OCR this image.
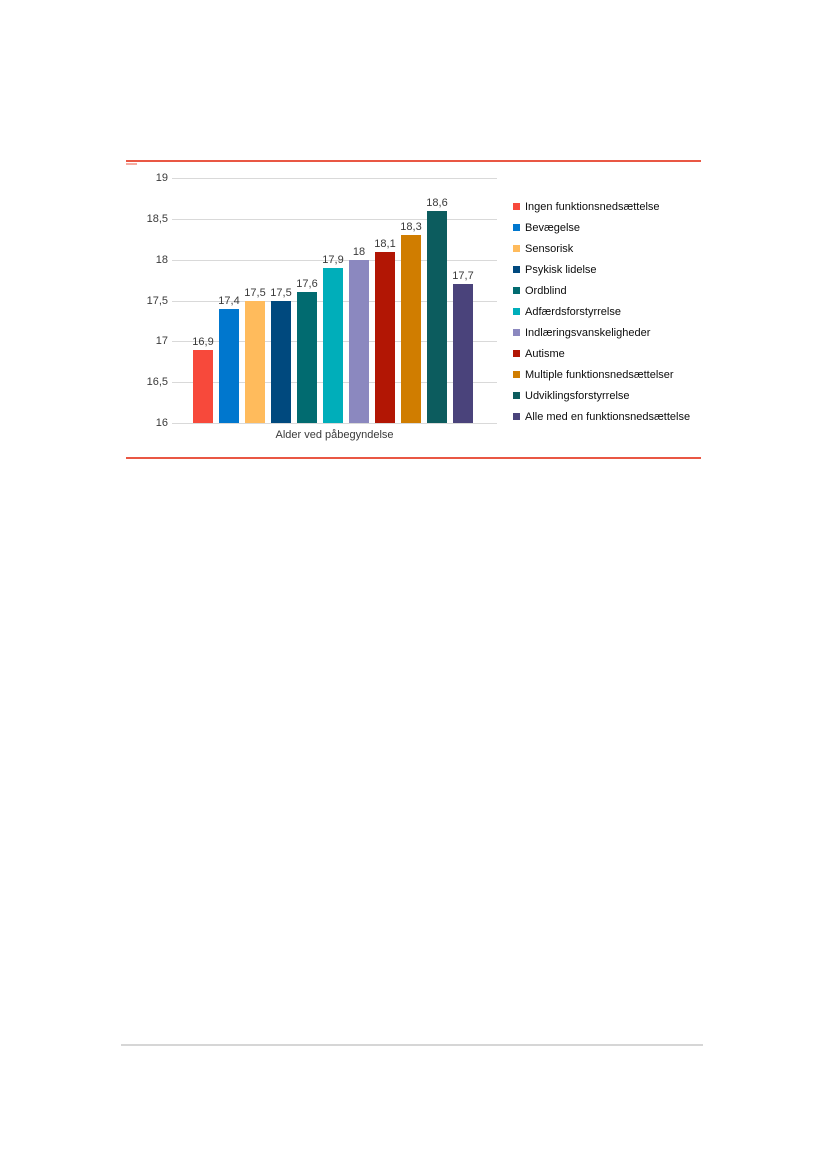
19
18,5
18
17,5
17
16,5
16
16,9
17,4
17,5 17,5
17,6
17,9
18
18,1
18,3
18,6
17,7
Alder ved påbegyndelse
Ingen funktionsnedsættelse
Bevægelse
Sensorisk
Psykisk lidelse
Ordblind
Adfærdsforstyrrelse
Indlæringsvanskeligheder
Autisme
Multiple funktionsnedsættelser
Udviklingsforstyrrelse
Alle med en funktionsnedsættelse
